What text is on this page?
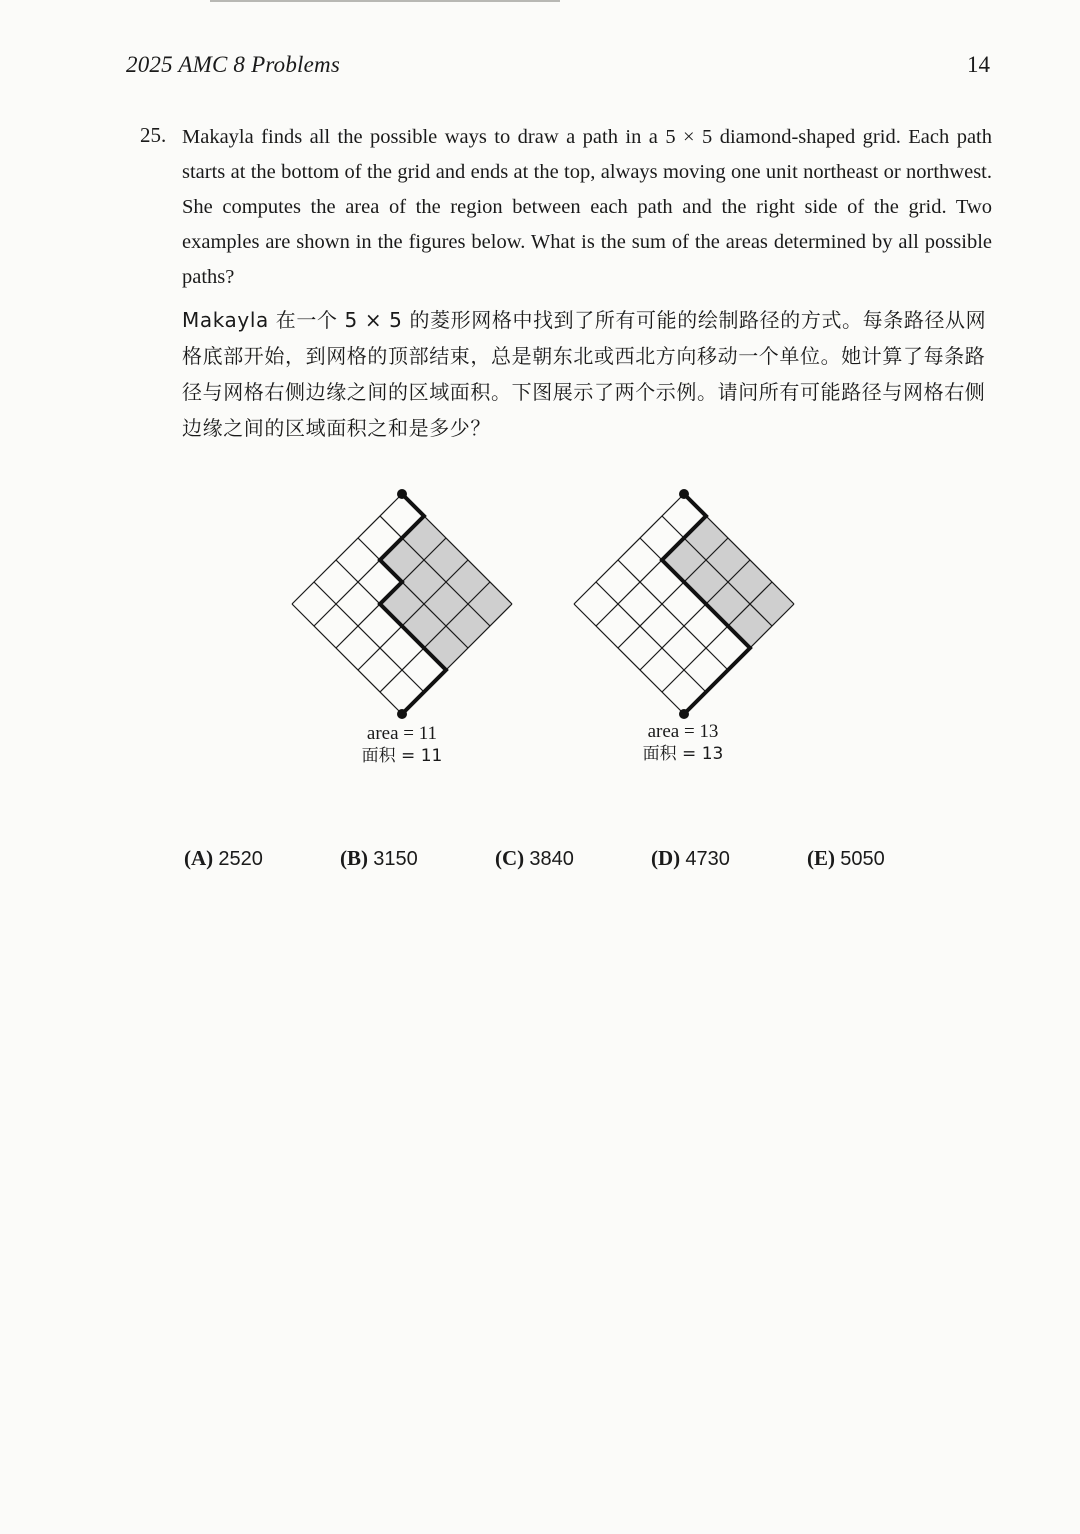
2025 AMC 8 Problems	14
25. Makayla finds all the possible ways to draw a path in a 5 × 5 diamond-shaped grid. Each path starts at the bottom of the grid and ends at the top, always moving one unit northeast or northwest. She computes the area of the region between each path and the right side of the grid. Two examples are shown in the figures below. What is the sum of the areas determined by all possible paths?

Makayla 在一个 5 × 5 的菱形网格中找到了所有可能的绘制路径的方式。每条路径从网格底部开始，到网格的顶部结束，总是朝东北或西北方向移动一个单位。她计算了每条路径与网格右侧边缘之间的区域面积。下图展示了两个示例。请问所有可能路径与网格右侧边缘之间的区域面积之和是多少？

area = 11
面积 = 11
area = 13
面积 = 13
(A) 2520	(B) 3150	(C) 3840	(D) 4730	(E) 5050
